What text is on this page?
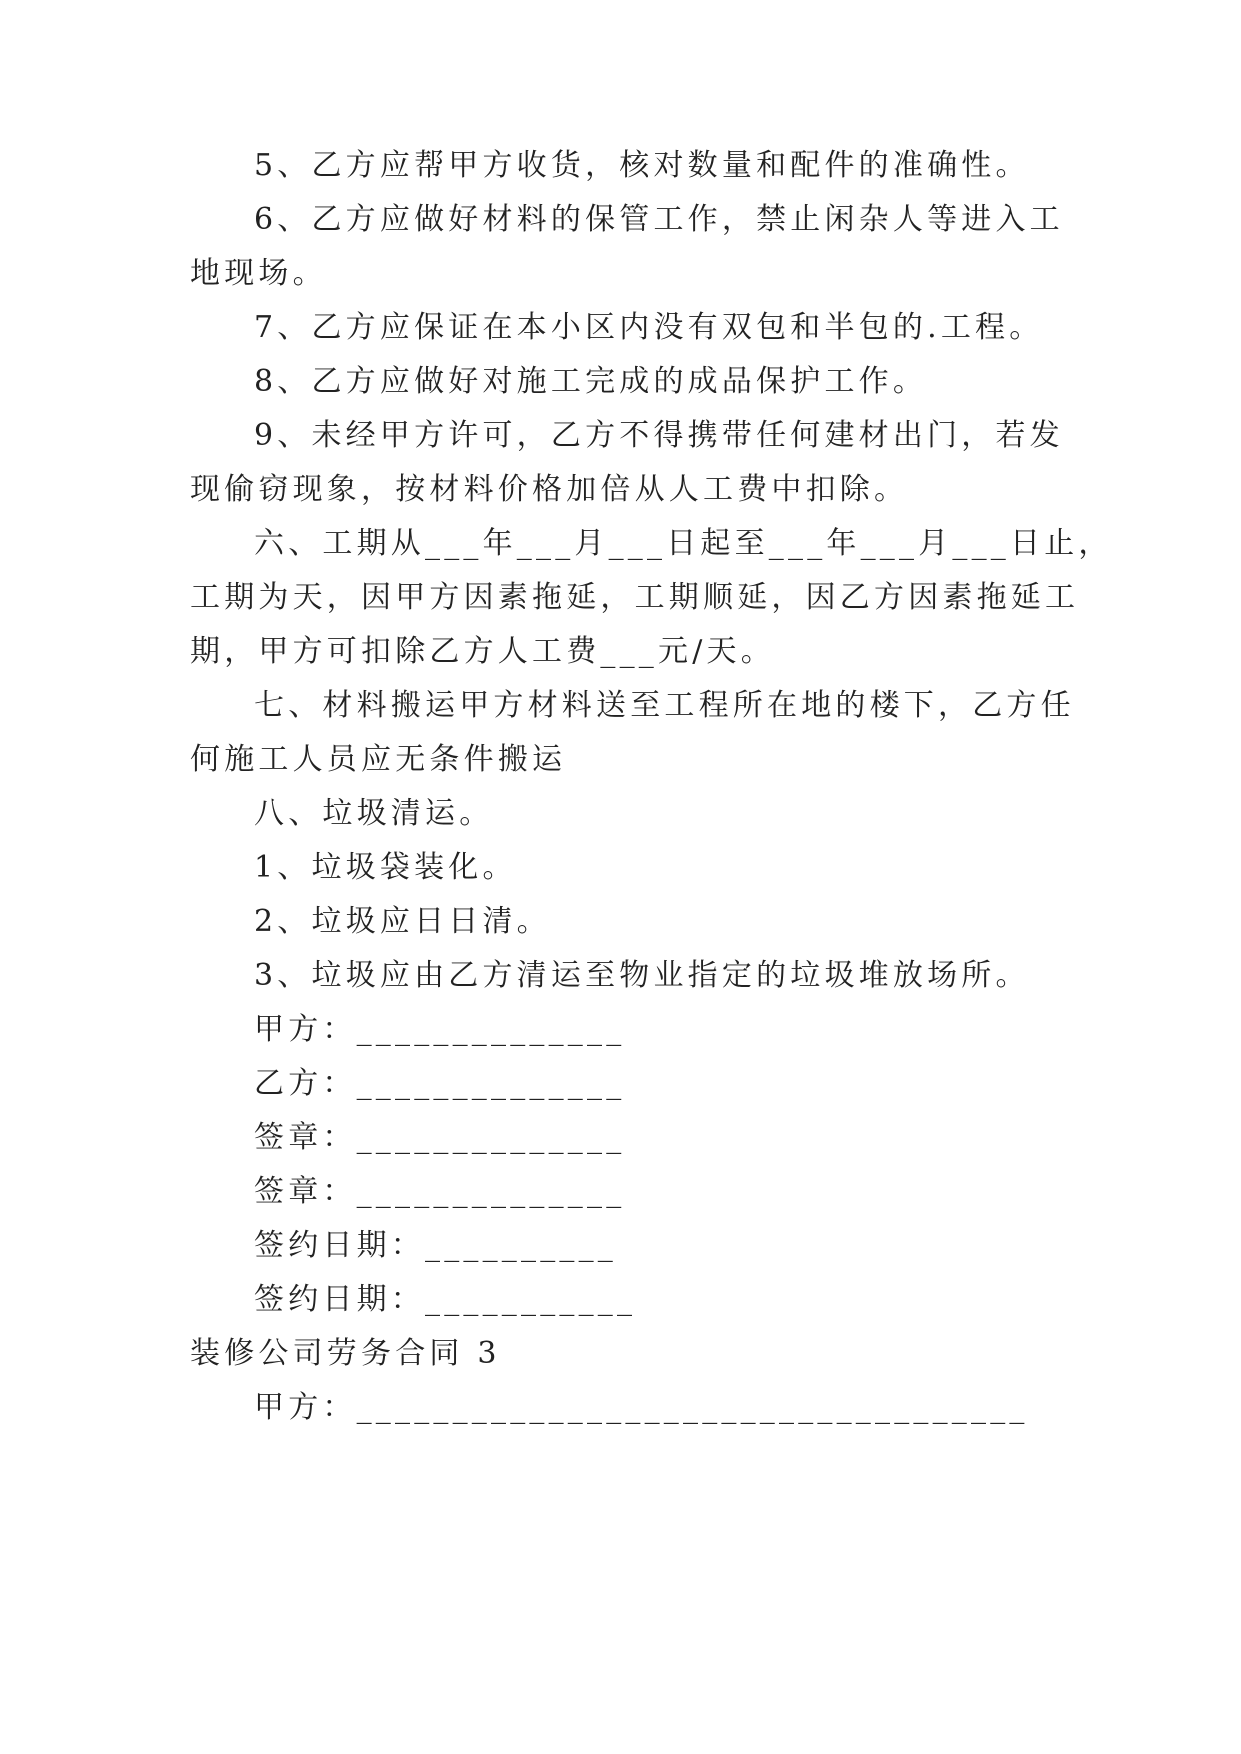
5、乙方应帮甲方收货，核对数量和配件的准确性。
6、乙方应做好材料的保管工作，禁止闲杂人等进入工
地现场。
7、乙方应保证在本小区内没有双包和半包的.工程。
8、乙方应做好对施工完成的成品保护工作。
9、未经甲方许可，乙方不得携带任何建材出门，若发
现偷窃现象，按材料价格加倍从人工费中扣除。
六、工期从___年___月___日起至___年___月___日止，
工期为天，因甲方因素拖延，工期顺延，因乙方因素拖延工
期，甲方可扣除乙方人工费___元/天。
七、材料搬运甲方材料送至工程所在地的楼下，乙方任
何施工人员应无条件搬运
八、垃圾清运。
1、垃圾袋装化。
2、垃圾应日日清。
3、垃圾应由乙方清运至物业指定的垃圾堆放场所。
甲方：______________
乙方：______________
签章：______________
签章：______________
签约日期：__________
签约日期：___________
装修公司劳务合同 3
甲方：___________________________________
